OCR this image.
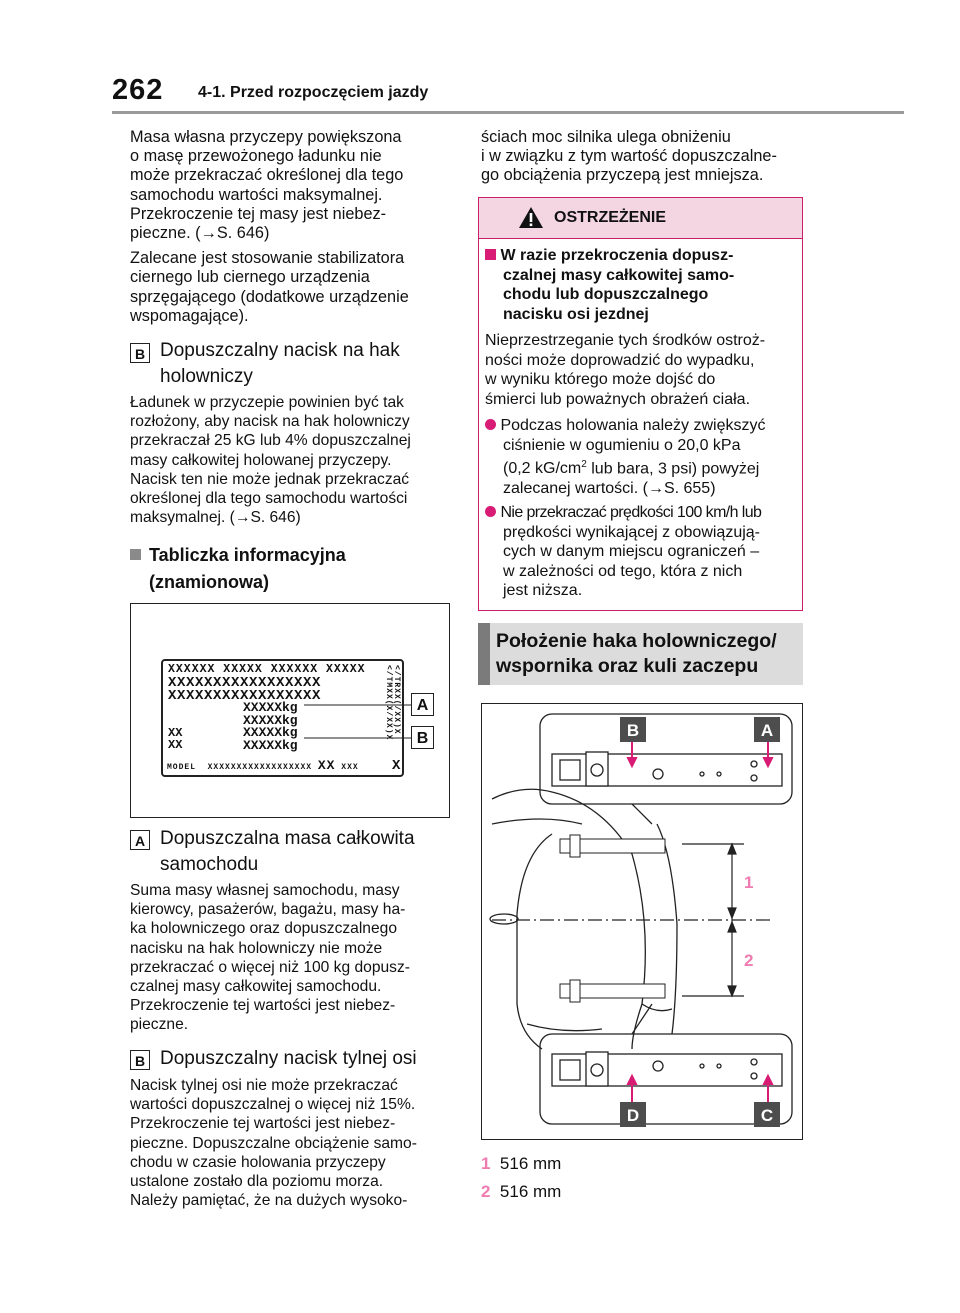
262 4-1. Przed rozpoczęciem jazdy

Masa własna przyczepy powiększona
o masę przewożonego ładunku nie
może przekraczać określonej dla tego
samochodu wartości maksymalnej.
Przekroczenie tej masy jest niebez-
pieczne. (→S. 646)

Zalecane jest stosowanie stabilizatora
ciernego lub ciernego urządzenia
sprzęgającego (dodatkowe urządzenie
wspomagające).

B Dopuszczalny nacisk na hak
holowniczy
Ładunek w przyczepie powinien być tak
rozłożony, aby nacisk na hak holowniczy
przekraczał 25 kG lub 4% dopuszczalnej
masy całkowitej holowanej przyczepy.
Nacisk ten nie może jednak przekraczać
określonej dla tego samochodu wartości
maksymalnej. (→S. 646)
Tabliczka informacyjna
(znamionowa)
XXXXXX XXXXX XXXXXX XXXXX
XXXXXXXXXXXXXXXXX
XXXXXXXXXXXXXXXXX
XXXXXkg
XXXXXkg
XXXXXkg
XXXXXkg
XX
XX
</TRXX(/XX)X
</TMXX(X/XX)X
MODEL XXXXXXXXXXXXXXXXXX XX XXX X
A
B
A Dopuszczalna masa całkowita
samochodu
Suma masy własnej samochodu, masy
kierowcy, pasażerów, bagażu, masy ha-
ka holowniczego oraz dopuszczalnego
nacisku na hak holowniczy nie może
przekraczać o więcej niż 100 kg dopusz-
czalnej masy całkowitej samochodu.
Przekroczenie tej wartości jest niebez-
pieczne.
B Dopuszczalny nacisk tylnej osi
Nacisk tylnej osi nie może przekraczać
wartości dopuszczalnej o więcej niż 15%.
Przekroczenie tej wartości jest niebez-
pieczne. Dopuszczalne obciążenie samo-
chodu w czasie holowania przyczepy
ustalone zostało dla poziomu morza.
Należy pamiętać, że na dużych wysoko-
ściach moc silnika ulega obniżeniu
i w związku z tym wartość dopuszczalne-
go obciążenia przyczepą jest mniejsza.
OSTRZEŻENIE
W razie przekroczenia dopusz-
czalnej masy całkowitej samo-
chodu lub dopuszczalnego
nacisku osi jezdnej
Nieprzestrzeganie tych środków ostroż-
ności może doprowadzić do wypadku,
w wyniku którego może dojść do
śmierci lub poważnych obrażeń ciała.
Podczas holowania należy zwiększyć
ciśnienie w ogumieniu o 20,0 kPa
(0,2 $kG/cm^2$ lub bara, 3 psi) powyżej
zalecanej wartości. (→S. 655)
Nie przekraczać prędkości 100 km/h lub
prędkości wynikającej z obowiązują-
cych w danym miejscu ograniczeń –
w zależności od tego, która z nich
jest niższa.
Położenie haka holowniczego/
wspornika oraz kuli zaczepu
B	A
D	C
1
2
1 516 mm
2 516 mm
